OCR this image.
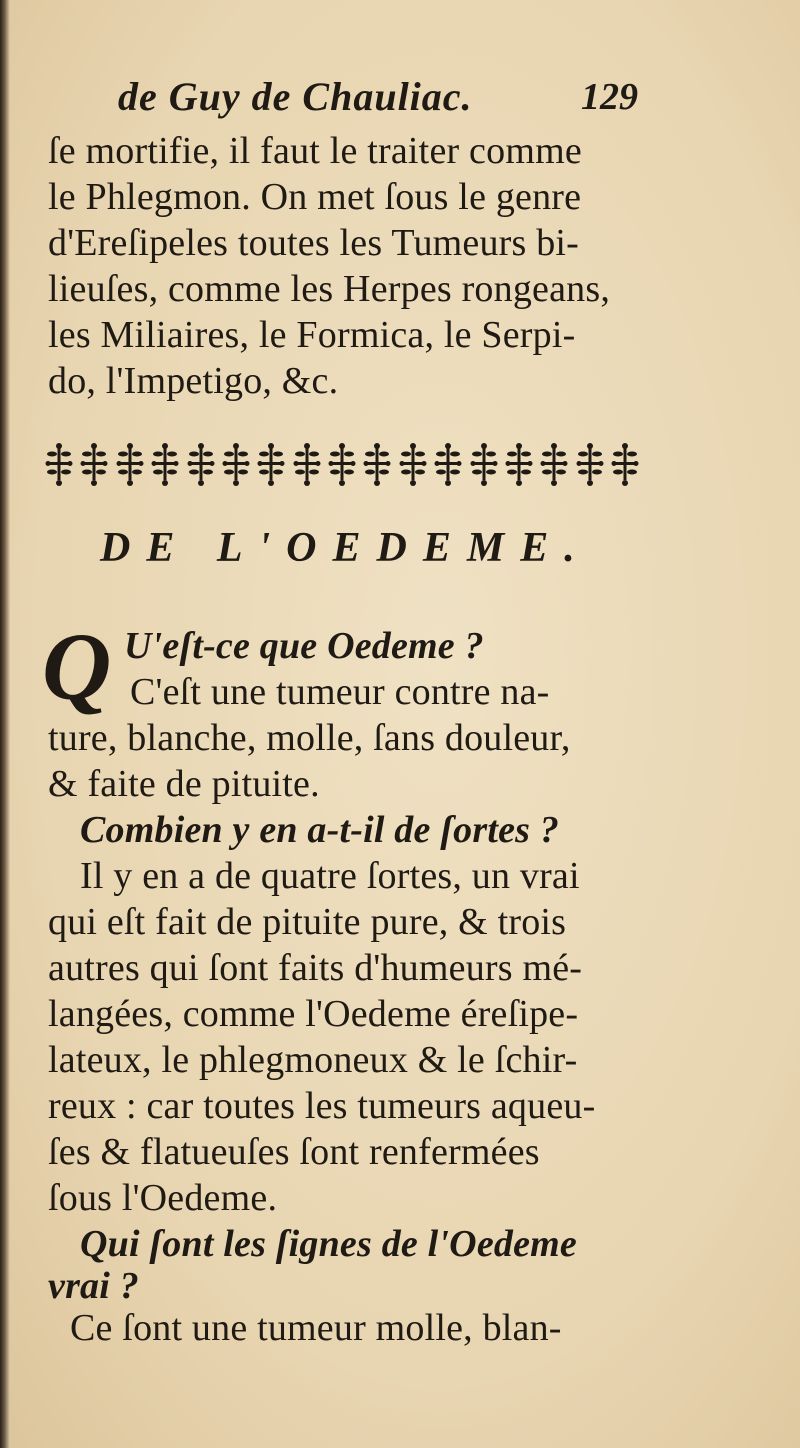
de Guy de Chauliac.	129
ſe mortifie, il faut le traiter comme
le Phlegmon. On met ſous le genre
d'Ereſipeles toutes les Tumeurs bi-
lieuſes, comme les Herpes rongeans,
les Miliaires, le Formica, le Serpi-
do, l'Impetigo, &c.
DE L'OEDEME.
Q U'eſt-ce que Oedeme ?
C'eſt une tumeur contre na-
ture, blanche, molle, ſans douleur,
& faite de pituite.
Combien y en a-t-il de ſortes ?
Il y en a de quatre ſortes, un vrai
qui eſt fait de pituite pure, & trois
autres qui ſont faits d'humeurs mé-
langées, comme l'Oedeme éreſipe-
lateux, le phlegmoneux & le ſchir-
reux : car toutes les tumeurs aqueu-
ſes & flatueuſes ſont renfermées
ſous l'Oedeme.
Qui ſont les ſignes de l'Oedeme
vrai ?
Ce ſont une tumeur molle, blan-
